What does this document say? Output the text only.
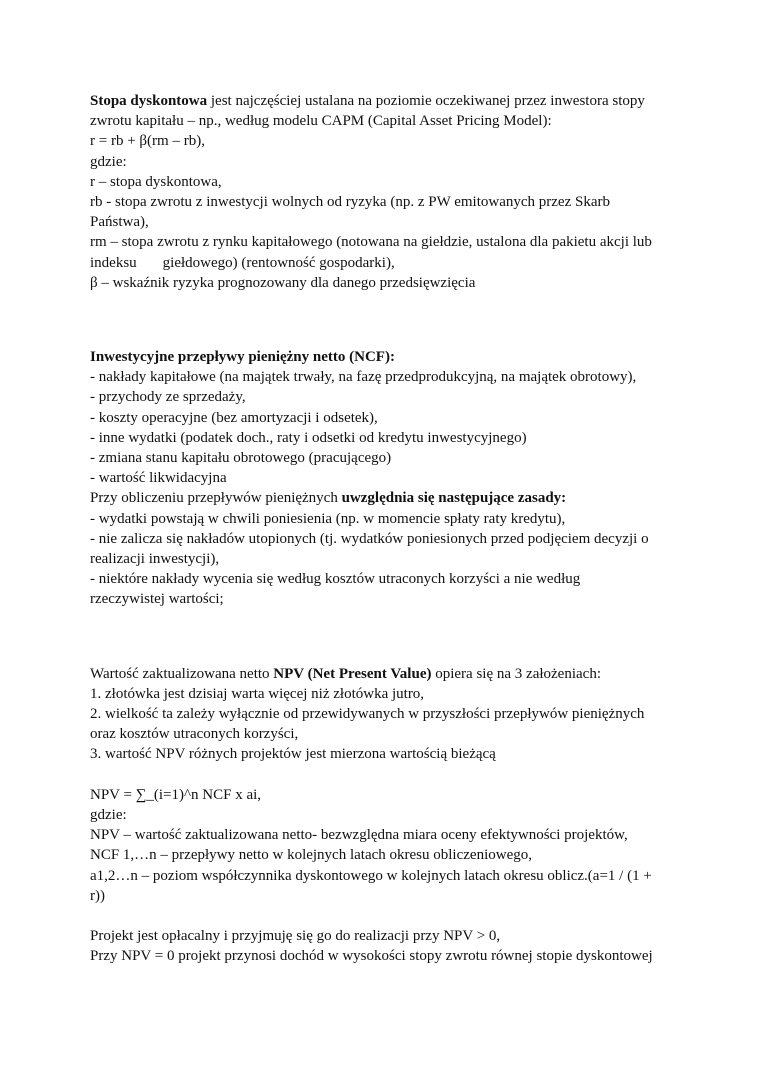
Stopa dyskontowa jest najczęściej ustalana na poziomie oczekiwanej przez inwestora stopy
zwrotu kapitału – np., według modelu CAPM (Capital Asset Pricing Model):
r = rb + β(rm – rb),
gdzie:
r – stopa dyskontowa,
rb - stopa zwrotu z inwestycji wolnych od ryzyka (np. z PW emitowanych przez Skarb
Państwa),
rm – stopa zwrotu z rynku kapitałowego (notowana na giełdzie, ustalona dla pakietu akcji lub
indeksu giełdowego) (rentowność gospodarki),
β – wskaźnik ryzyka prognozowany dla danego przedsięwzięcia
Inwestycyjne przepływy pieniężny netto (NCF):
- nakłady kapitałowe (na majątek trwały, na fazę przedprodukcyjną, na majątek obrotowy),
- przychody ze sprzedaży,
- koszty operacyjne (bez amortyzacji i odsetek),
- inne wydatki (podatek doch., raty i odsetki od kredytu inwestycyjnego)
- zmiana stanu kapitału obrotowego (pracującego)
- wartość likwidacyjna
Przy obliczeniu przepływów pieniężnych uwzględnia się następujące zasady:
- wydatki powstają w chwili poniesienia (np. w momencie spłaty raty kredytu),
- nie zalicza się nakładów utopionych (tj. wydatków poniesionych przed podjęciem decyzji o
realizacji inwestycji),
- niektóre nakłady wycenia się według kosztów utraconych korzyści a nie według
rzeczywistej wartości;
Wartość zaktualizowana netto NPV (Net Present Value) opiera się na 3 założeniach:
1. złotówka jest dzisiaj warta więcej niż złotówka jutro,
2. wielkość ta zależy wyłącznie od przewidywanych w przyszłości przepływów pieniężnych
oraz kosztów utraconych korzyści,
3. wartość NPV różnych projektów jest mierzona wartością bieżącą
NPV = ∑_(i=1)^n NCF x ai,
gdzie:
NPV – wartość zaktualizowana netto- bezwzględna miara oceny efektywności projektów,
NCF 1,…n – przepływy netto w kolejnych latach okresu obliczeniowego,
a1,2…n – poziom współczynnika dyskontowego w kolejnych latach okresu oblicz.(a=1 / (1 +
r))
Projekt jest opłacalny i przyjmuję się go do realizacji przy NPV > 0,
Przy NPV = 0 projekt przynosi dochód w wysokości stopy zwrotu równej stopie dyskontowej
